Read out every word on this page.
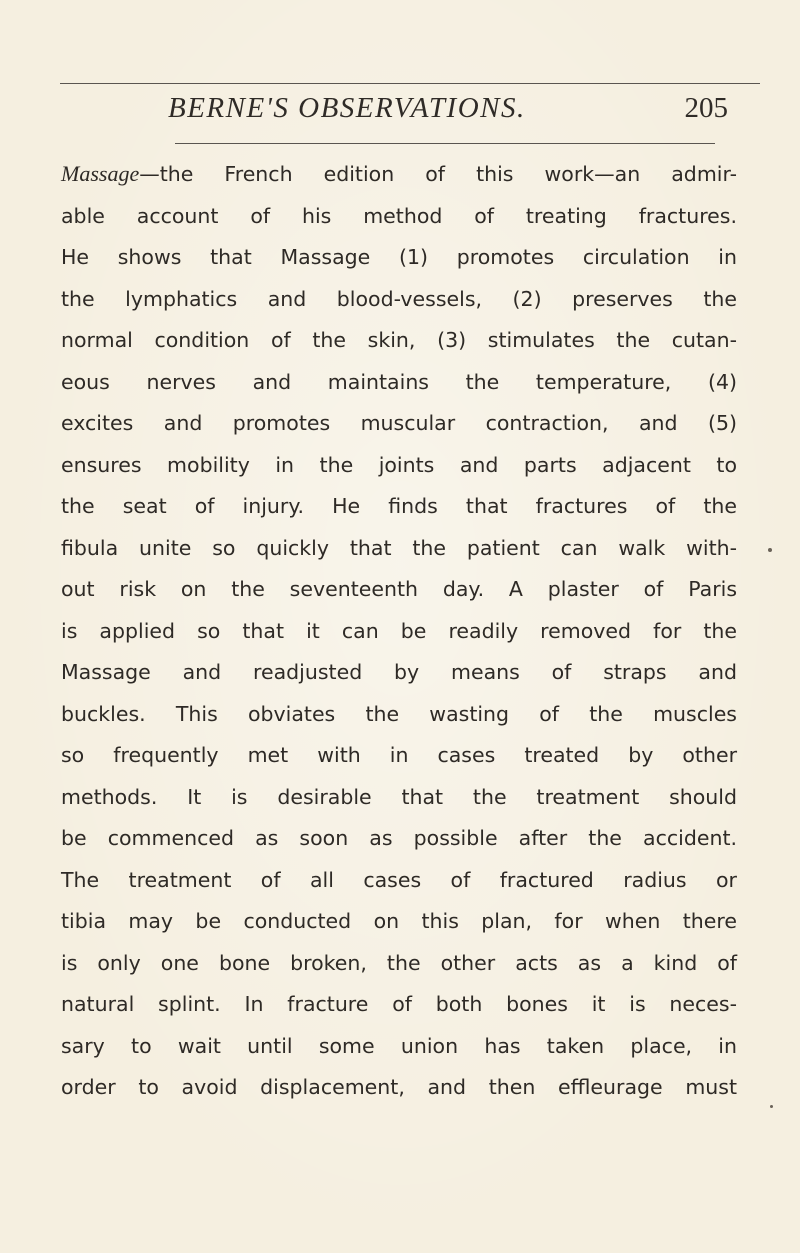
BERNE'S OBSERVATIONS.	205
Massage—the French edition of this work—an admir-
able account of his method of treating fractures.
He shows that Massage (1) promotes circulation in
the lymphatics and blood-vessels, (2) preserves the
normal condition of the skin, (3) stimulates the cutan-
eous nerves and maintains the temperature, (4)
excites and promotes muscular contraction, and (5)
ensures mobility in the joints and parts adjacent to
the seat of injury. He finds that fractures of the
fibula unite so quickly that the patient can walk with-
out risk on the seventeenth day. A plaster of Paris
is applied so that it can be readily removed for the
Massage and readjusted by means of straps and
buckles. This obviates the wasting of the muscles
so frequently met with in cases treated by other
methods. It is desirable that the treatment should
be commenced as soon as possible after the accident.
The treatment of all cases of fractured radius or
tibia may be conducted on this plan, for when there
is only one bone broken, the other acts as a kind of
natural splint. In fracture of both bones it is neces-
sary to wait until some union has taken place, in
order to avoid displacement, and then effleurage must
